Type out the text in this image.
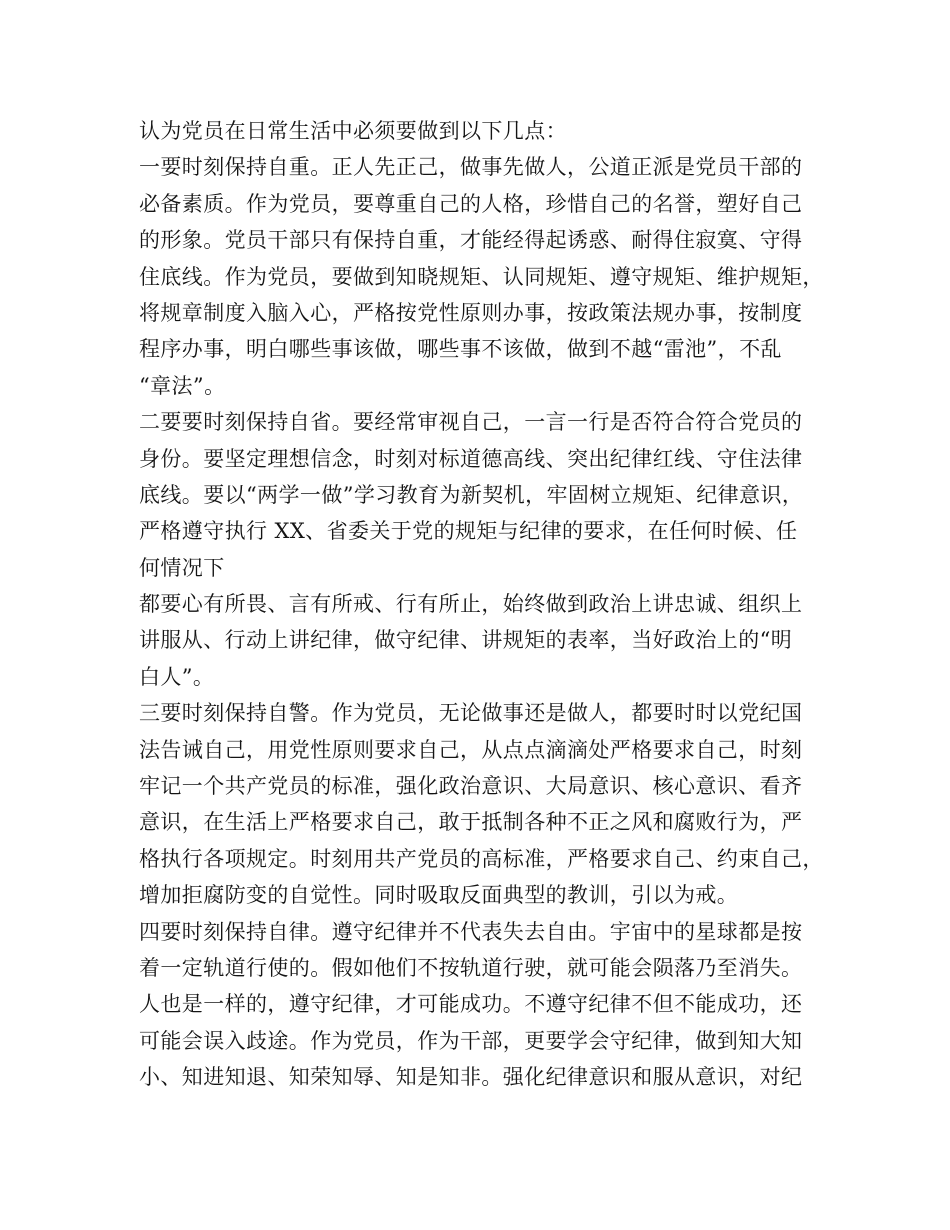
认为党员在日常生活中必须要做到以下几点：
一要时刻保持自重。正人先正己，做事先做人，公道正派是党员干部的
必备素质。作为党员，要尊重自己的人格，珍惜自己的名誉，塑好自己
的形象。党员干部只有保持自重，才能经得起诱惑、耐得住寂寞、守得
住底线。作为党员，要做到知晓规矩、认同规矩、遵守规矩、维护规矩，
将规章制度入脑入心，严格按党性原则办事，按政策法规办事，按制度
程序办事，明白哪些事该做，哪些事不该做，做到不越“雷池”，不乱
“章法”。
二要要时刻保持自省。要经常审视自己，一言一行是否符合符合党员的
身份。要坚定理想信念，时刻对标道德高线、突出纪律红线、守住法律
底线。要以“两学一做”学习教育为新契机，牢固树立规矩、纪律意识，
严格遵守执行 XX、省委关于党的规矩与纪律的要求，在任何时候、任
何情况下
都要心有所畏、言有所戒、行有所止，始终做到政治上讲忠诚、组织上
讲服从、行动上讲纪律，做守纪律、讲规矩的表率，当好政治上的“明
白人”。
三要时刻保持自警。作为党员，无论做事还是做人，都要时时以党纪国
法告诫自己，用党性原则要求自己，从点点滴滴处严格要求自己，时刻
牢记一个共产党员的标准，强化政治意识、大局意识、核心意识、看齐
意识，在生活上严格要求自己，敢于抵制各种不正之风和腐败行为，严
格执行各项规定。时刻用共产党员的高标准，严格要求自己、约束自己，
增加拒腐防变的自觉性。同时吸取反面典型的教训，引以为戒。
四要时刻保持自律。遵守纪律并不代表失去自由。宇宙中的星球都是按
着一定轨道行使的。假如他们不按轨道行驶，就可能会陨落乃至消失。
人也是一样的，遵守纪律，才可能成功。不遵守纪律不但不能成功，还
可能会误入歧途。作为党员，作为干部，更要学会守纪律，做到知大知
小、知进知退、知荣知辱、知是知非。强化纪律意识和服从意识，对纪
